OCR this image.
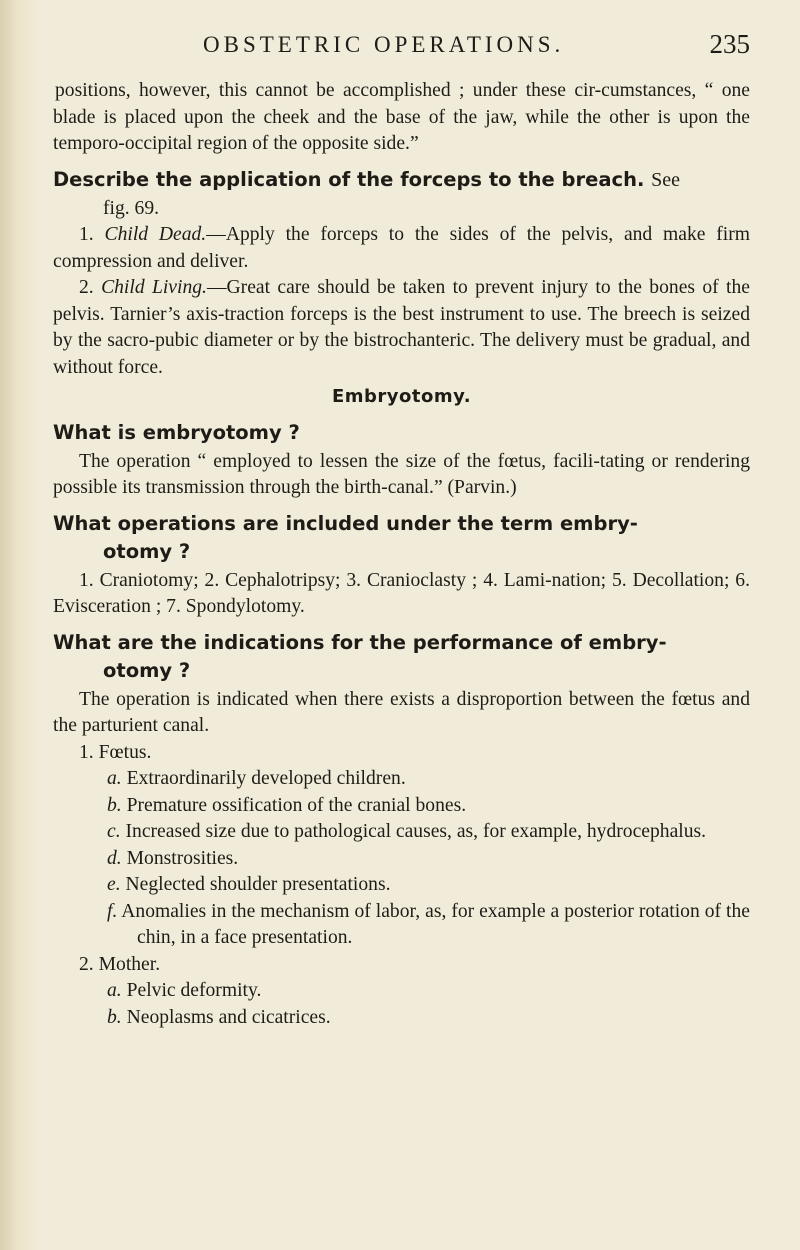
OBSTETRIC OPERATIONS.	235

positions, however, this cannot be accomplished ; under these cir-cumstances, “ one blade is placed upon the cheek and the base of the jaw, while the other is upon the temporo-occipital region of the opposite side.”

Describe the application of the forceps to the breach. See

fig. 69.

1. Child Dead.—Apply the forceps to the sides of the pelvis, and make firm compression and deliver.

2. Child Living.—Great care should be taken to prevent injury to the bones of the pelvis. Tarnier’s axis-traction forceps is the best instrument to use. The breech is seized by the sacro-pubic diameter or by the bistrochanteric. The delivery must be gradual, and without force.

Embryotomy.
What is embryotomy ?

The operation “ employed to lessen the size of the fœtus, facili-tating or rendering possible its transmission through the birth-canal.” (Parvin.)

What operations are included under the term embry-
otomy ?

1. Craniotomy; 2. Cephalotripsy; 3. Cranioclasty ; 4. Lami-nation; 5. Decollation; 6. Evisceration ; 7. Spondylotomy.

What are the indications for the performance of embry-
otomy ?

The operation is indicated when there exists a disproportion between the fœtus and the parturient canal.

1. Fœtus.

a. Extraordinarily developed children.

b. Premature ossification of the cranial bones.

c. Increased size due to pathological causes, as, for example, hydrocephalus.

d. Monstrosities.

e. Neglected shoulder presentations.

f. Anomalies in the mechanism of labor, as, for example a posterior rotation of the chin, in a face presentation.

2. Mother.

a. Pelvic deformity.

b. Neoplasms and cicatrices.
